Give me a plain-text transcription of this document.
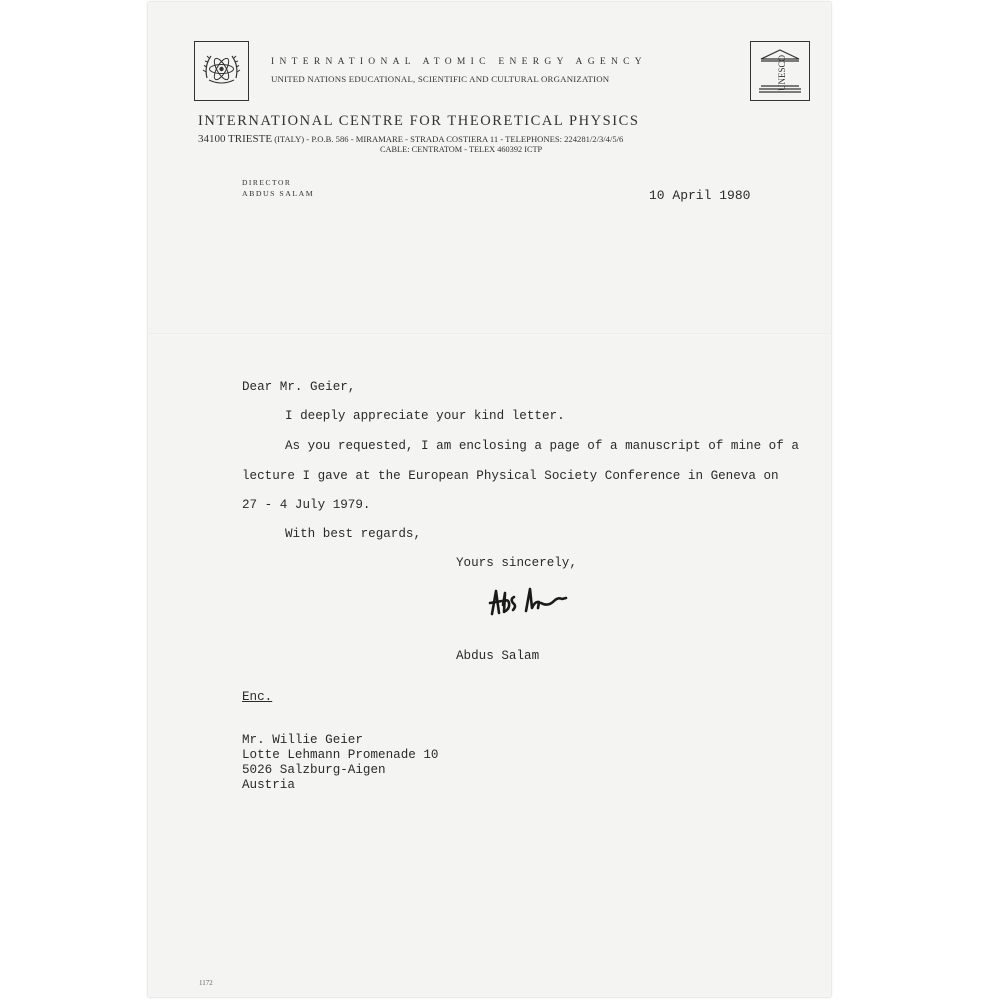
UNESCO
INTERNATIONAL ATOMIC ENERGY AGENCY
UNITED NATIONS EDUCATIONAL, SCIENTIFIC AND CULTURAL ORGANIZATION
INTERNATIONAL CENTRE FOR THEORETICAL PHYSICS
34100 TRIESTE (ITALY) - P.O.B. 586 - MIRAMARE - STRADA COSTIERA 11 - TELEPHONES: 224281/2/3/4/5/6
CABLE: CENTRATOM - TELEX 460392 ICTP
DIRECTOR
ABDUS SALAM	10 April 1980
Dear Mr. Geier,
I deeply appreciate your kind letter.
As you requested, I am enclosing a page of a manuscript of mine of a
lecture I gave at the European Physical Society Conference in Geneva on
27 - 4 July 1979.
With best regards,
Yours sincerely,
Abdus Salam
Enc.
Mr. Willie Geier
Lotte Lehmann Promenade 10
5026 Salzburg-Aigen
Austria
1172
